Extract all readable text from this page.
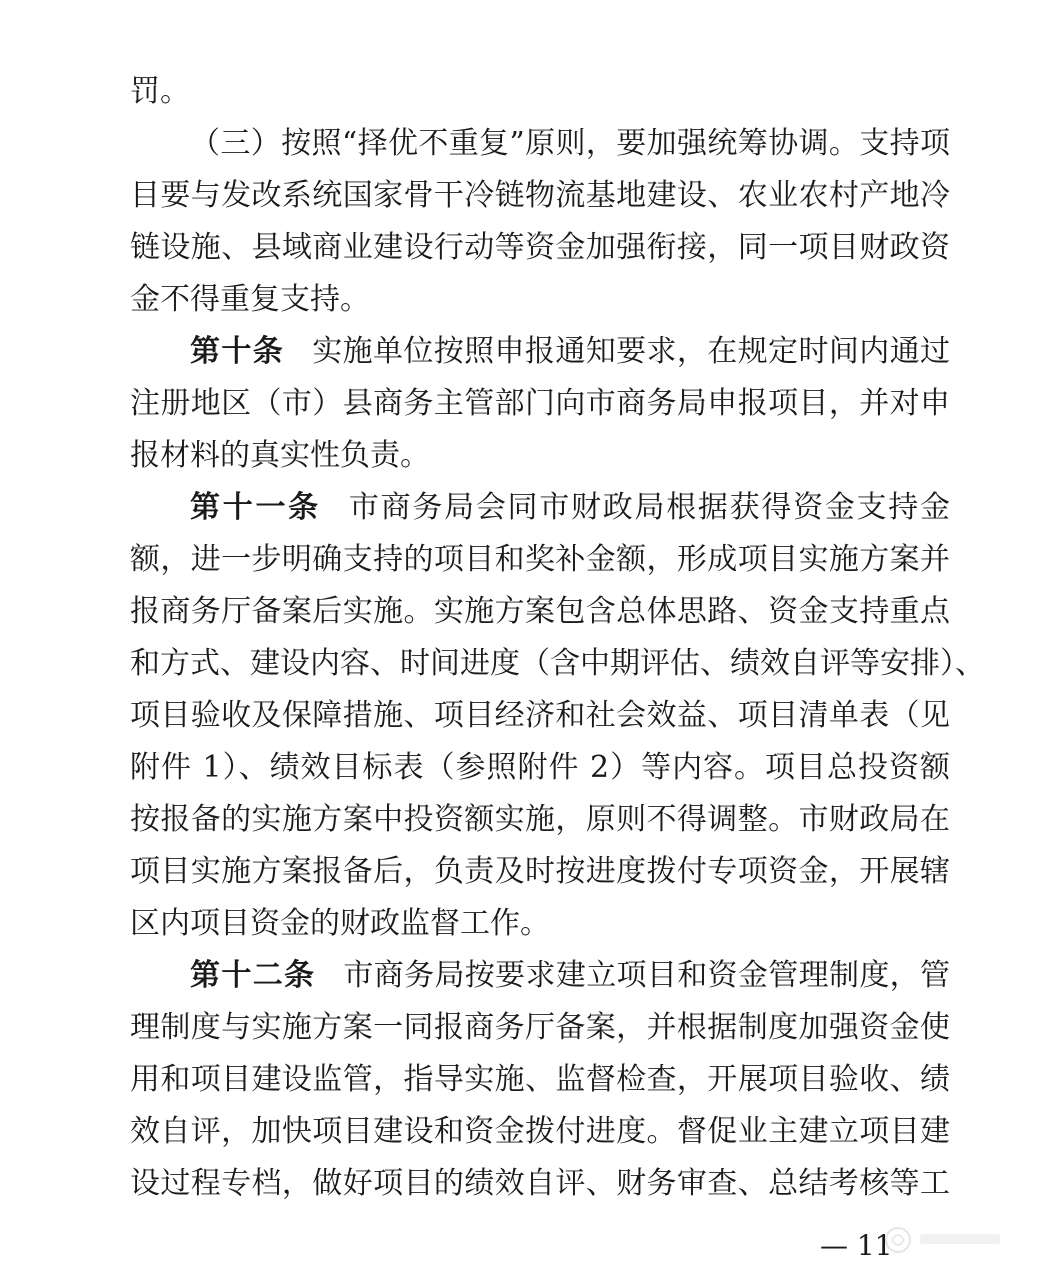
罚。
（三）按照“择优不重复”原则，要加强统筹协调。支持项
目要与发改系统国家骨干冷链物流基地建设、农业农村产地冷
链设施、县域商业建设行动等资金加强衔接，同一项目财政资
金不得重复支持。
第十条 实施单位按照申报通知要求，在规定时间内通过
注册地区（市）县商务主管部门向市商务局申报项目，并对申
报材料的真实性负责。
第十一条 市商务局会同市财政局根据获得资金支持金
额，进一步明确支持的项目和奖补金额，形成项目实施方案并
报商务厅备案后实施。实施方案包含总体思路、资金支持重点
和方式、建设内容、时间进度（含中期评估、绩效自评等安排）、
项目验收及保障措施、项目经济和社会效益、项目清单表（见
附件 1）、绩效目标表（参照附件 2）等内容。项目总投资额
按报备的实施方案中投资额实施，原则不得调整。市财政局在
项目实施方案报备后，负责及时按进度拨付专项资金，开展辖
区内项目资金的财政监督工作。
第十二条 市商务局按要求建立项目和资金管理制度，管
理制度与实施方案一同报商务厅备案，并根据制度加强资金使
用和项目建设监管，指导实施、监督检查，开展项目验收、绩
效自评，加快项目建设和资金拨付进度。督促业主建立项目建
设过程专档，做好项目的绩效自评、财务审查、总结考核等工
— 11
